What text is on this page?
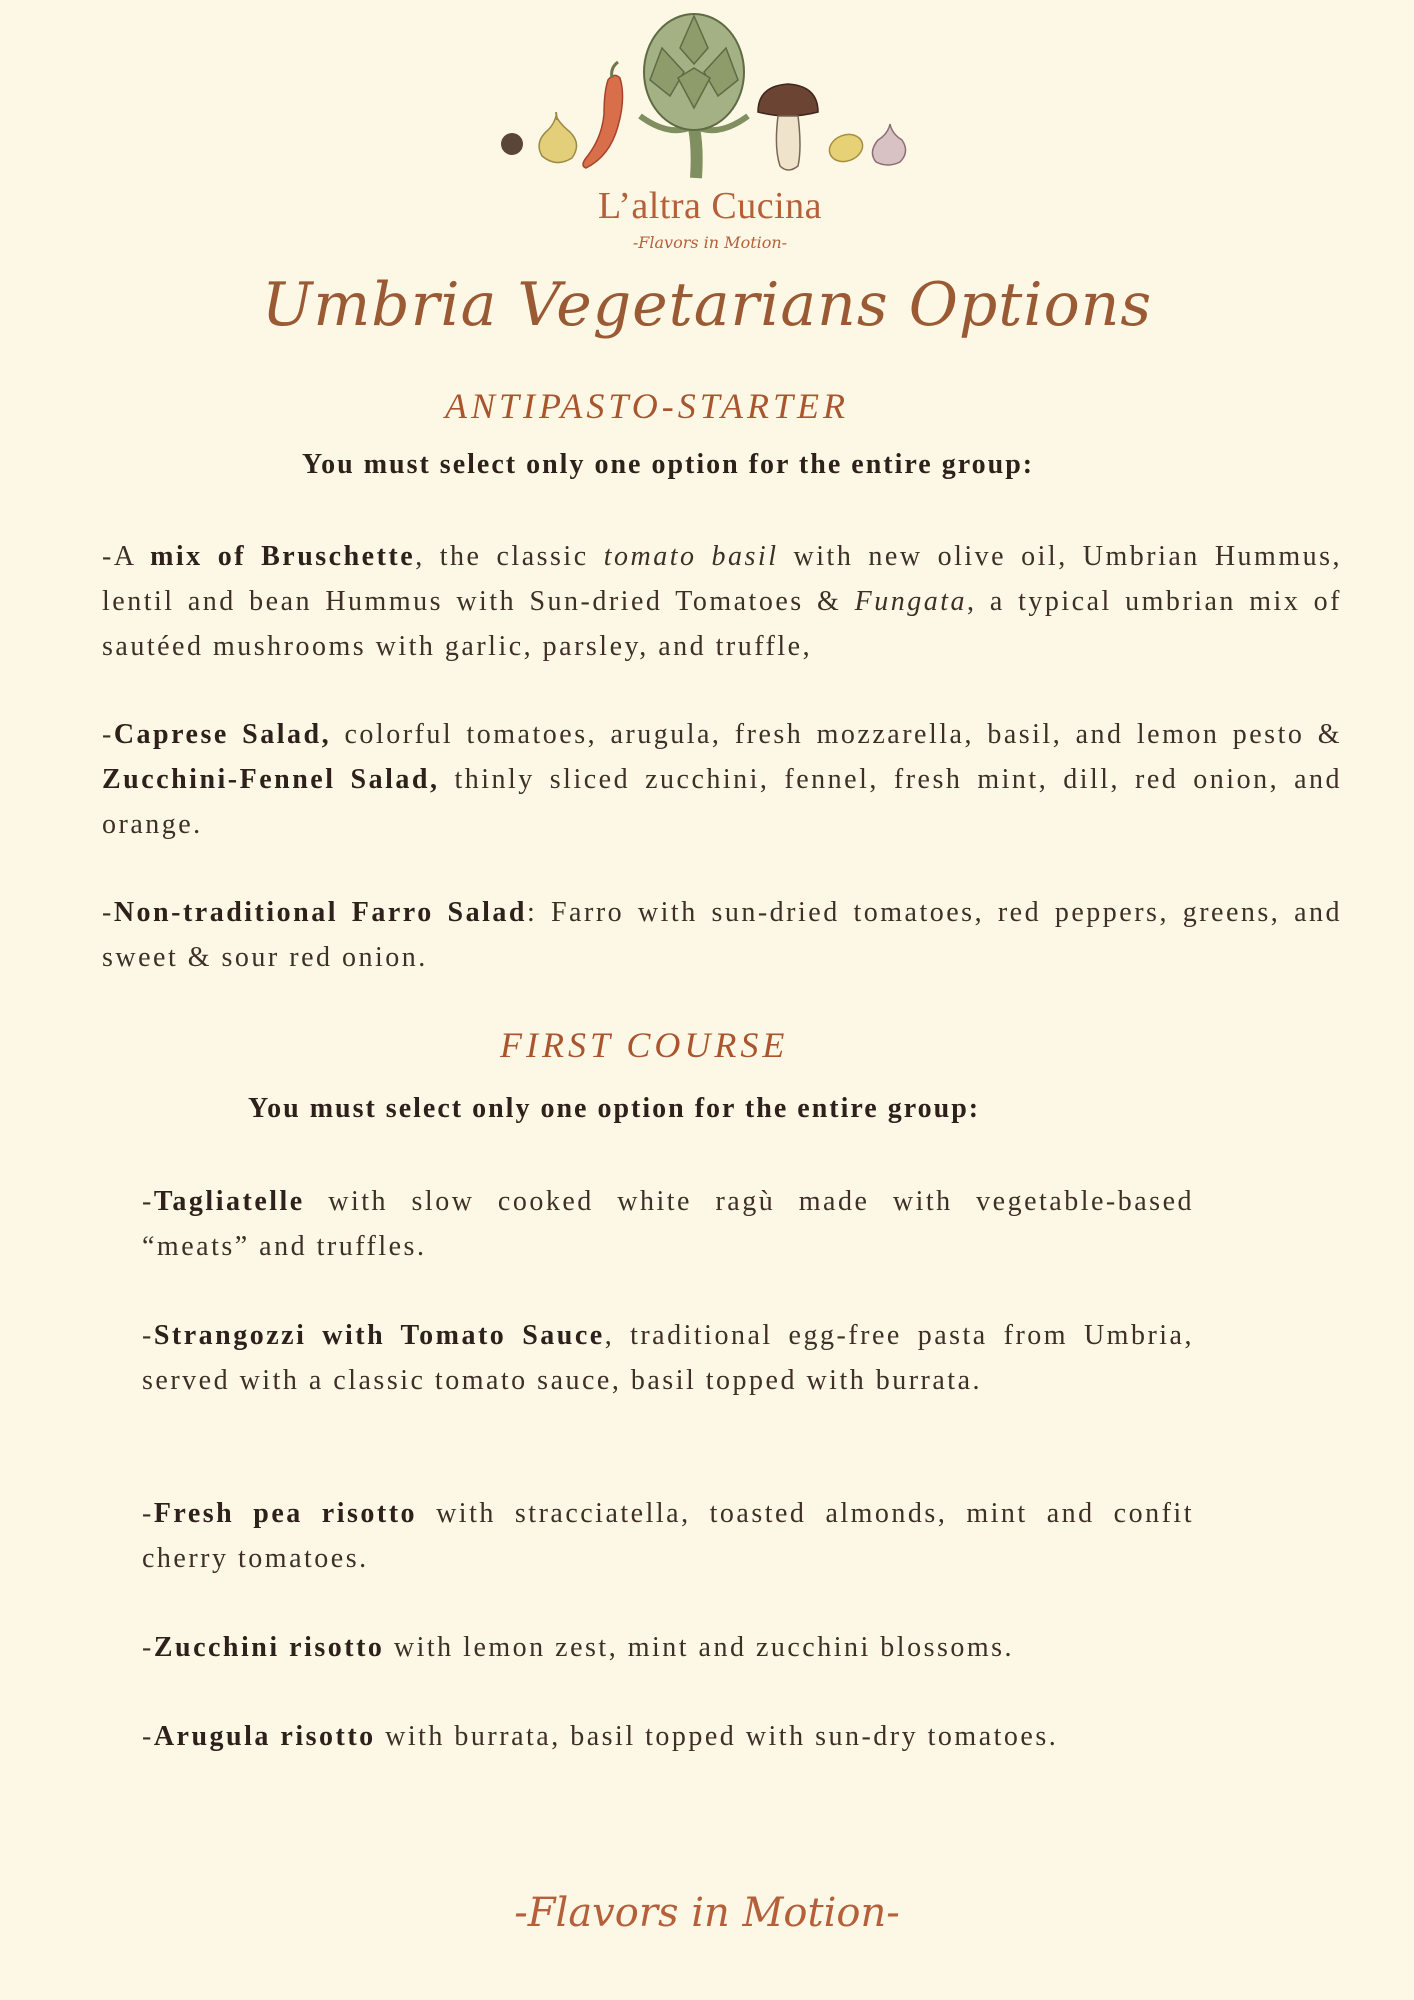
L’altra Cucina
-Flavors in Motion-
Umbria Vegetarians Options
ANTIPASTO-STARTER
You must select only one option for the entire group:
-A mix of Bruschette, the classic tomato basil with new olive oil, Umbrian Hummus, lentil and bean Hummus with Sun-dried Tomatoes & Fungata, a typical umbrian mix of sautéed mushrooms with garlic, parsley, and truffle,
-Caprese Salad, colorful tomatoes, arugula, fresh mozzarella, basil, and lemon pesto & Zucchini-Fennel Salad, thinly sliced zucchini, fennel, fresh mint, dill, red onion, and orange.
-Non-traditional Farro Salad: Farro with sun-dried tomatoes, red peppers, greens, and sweet & sour red onion.
FIRST COURSE
You must select only one option for the entire group:
-Tagliatelle with slow cooked white ragù made with vegetable-based “meats” and truffles.
-Strangozzi with Tomato Sauce, traditional egg-free pasta from Umbria, served with a classic tomato sauce, basil topped with burrata.
-Fresh pea risotto with stracciatella, toasted almonds, mint and confit cherry tomatoes.
-Zucchini risotto with lemon zest, mint and zucchini blossoms.
-Arugula risotto with burrata, basil topped with sun-dry tomatoes.
-Flavors in Motion-
